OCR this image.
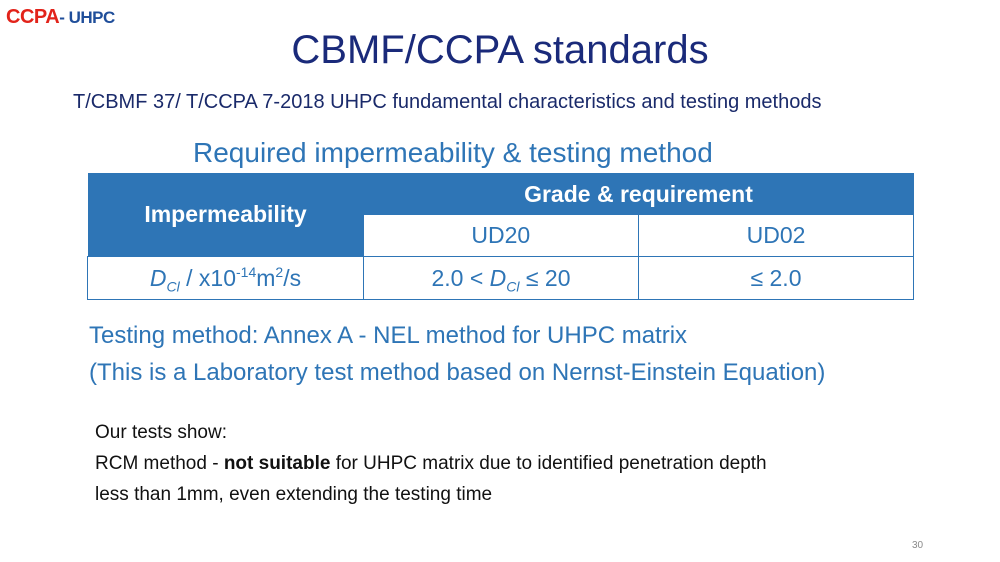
CCPA- UHPC
CBMF/CCPA standards
T/CBMF 37/ T/CCPA 7-2018 UHPC fundamental characteristics and testing methods
Required impermeability & testing method
Impermeability	Grade & requirement	
	UD20	UD02
$D_{Cl} / x10^{-14}m^2/s$	$2.0 < D_{Cl} \le 20$	≤ 2.0
Testing method: Annex A - NEL method for UHPC matrix
(This is a Laboratory test method based on Nernst-Einstein Equation)
Our tests show:
RCM method - not suitable for UHPC matrix due to identified penetration depth
less than 1mm, even extending the testing time
30
